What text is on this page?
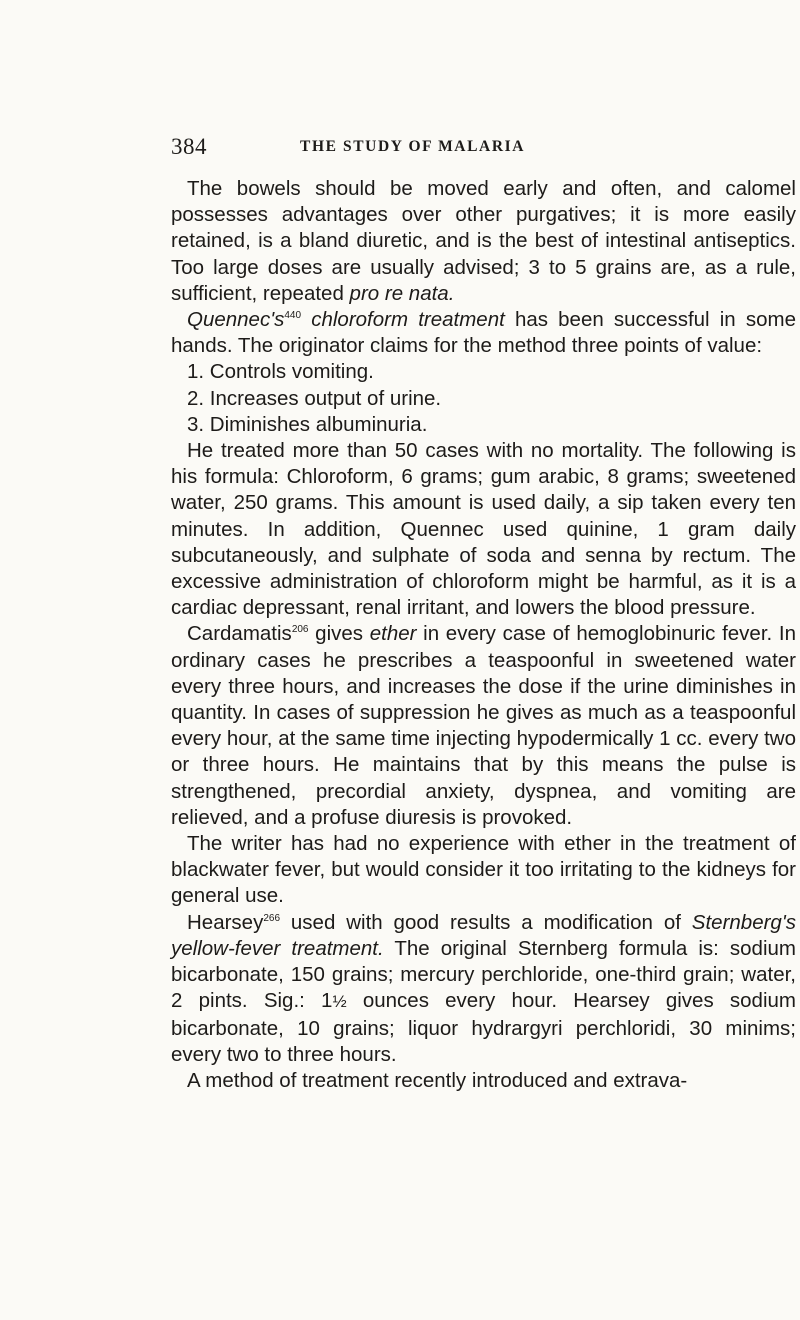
384	THE STUDY OF MALARIA

The bowels should be moved early and often, and calomel possesses advantages over other purgatives; it is more easily retained, is a bland diuretic, and is the best of intestinal antiseptics. Too large doses are usually advised; 3 to 5 grains are, as a rule, sufficient, repeated pro re nata.

$Quennec's^{440}$ chloroform treatment has been successful in some hands. The originator claims for the method three points of value:

1. Controls vomiting.

2. Increases output of urine.

3. Diminishes albuminuria.

He treated more than 50 cases with no mortality. The following is his formula: Chloroform, 6 grams; gum arabic, 8 grams; sweetened water, 250 grams. This amount is used daily, a sip taken every ten minutes. In addition, Quennec used quinine, 1 gram daily subcutaneously, and sulphate of soda and senna by rectum. The excessive administration of chloroform might be harmful, as it is a cardiac depressant, renal irritant, and lowers the blood pressure.

Cardamatis$^{206}$ gives ether in every case of hemoglobinuric fever. In ordinary cases he prescribes a teaspoonful in sweetened water every three hours, and increases the dose if the urine diminishes in quantity. In cases of suppression he gives as much as a teaspoonful every hour, at the same time injecting hypodermically 1 cc. every two or three hours. He maintains that by this means the pulse is strengthened, precordial anxiety, dyspnea, and vomiting are relieved, and a profuse diuresis is provoked.

The writer has had no experience with ether in the treatment of blackwater fever, but would consider it too irritating to the kidneys for general use.

Hearsey$^{266}$ used with good results a modification of Sternberg's yellow-fever treatment. The original Sternberg formula is: sodium bicarbonate, 150 grains; mercury perchloride, one-third grain; water, 2 pints. Sig.: 1½ ounces every hour. Hearsey gives sodium bicarbonate, 10 grains; liquor hydrargyri perchloridi, 30 minims; every two to three hours.

A method of treatment recently introduced and extrava-
